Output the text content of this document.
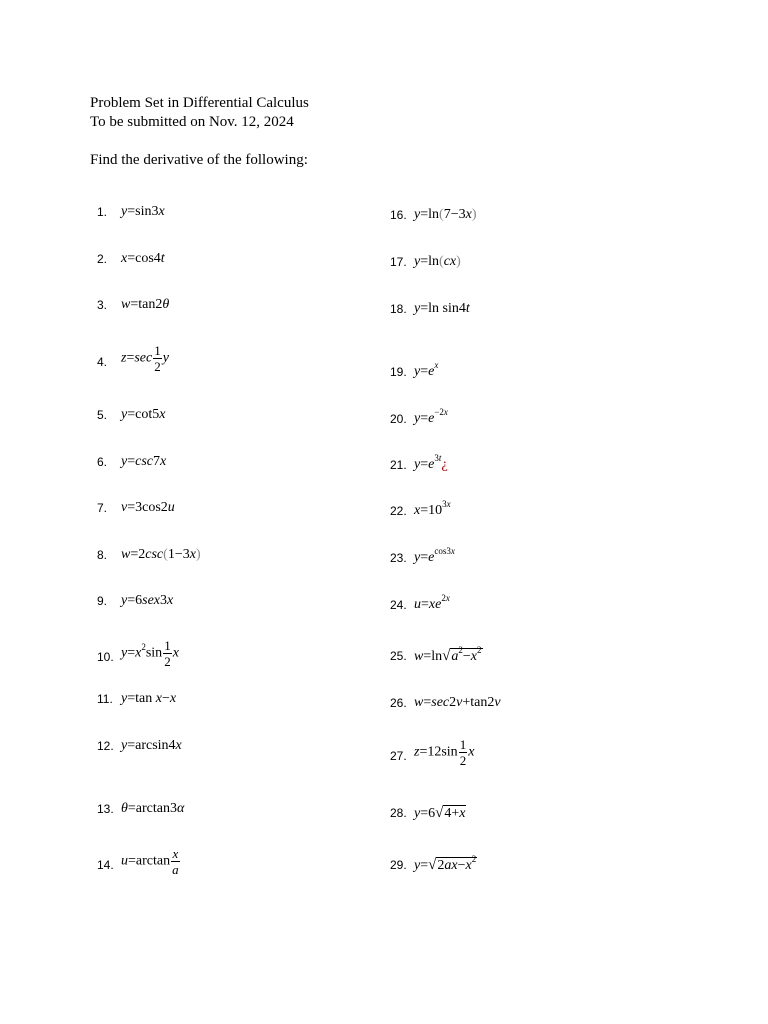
Problem Set in Differential Calculus
To be submitted on Nov. 12, 2024
Find the derivative of the following:
1. y=sin3x
2. x=cos4t
3. w=tan2θ
4. $z=\sec \frac{1}{2}$ y
5. y=cot5x
6. y=csc7x
7. v=3cos2u
8. w=2csc(1−3x)
9. y=6sex3x
10. $y=x^2\sin \frac{1}{2}$ x
11. y=tan x−x
12. y=arcsin4x
13. θ=arctan3α
14. $u=\arctan \frac{x}{a}$
16. y=ln(7−3x)
17. y=ln(cx)
18. y=ln sin4t
19. $y=e^x$
20. $y=e^{-2x}$
21. $y=e^{3t}¿$
22. $x=10^{3x}$
23. $y=e^{cos3x}$
24. $u=xe^{2x}$
25. $w=\ln√a^2-x^2$
26. w=sec2v+tan2v
27. $z=12\sin \frac{1}{2}$ x
28. y=6√4+x
29. $y=√2ax-x^2$
